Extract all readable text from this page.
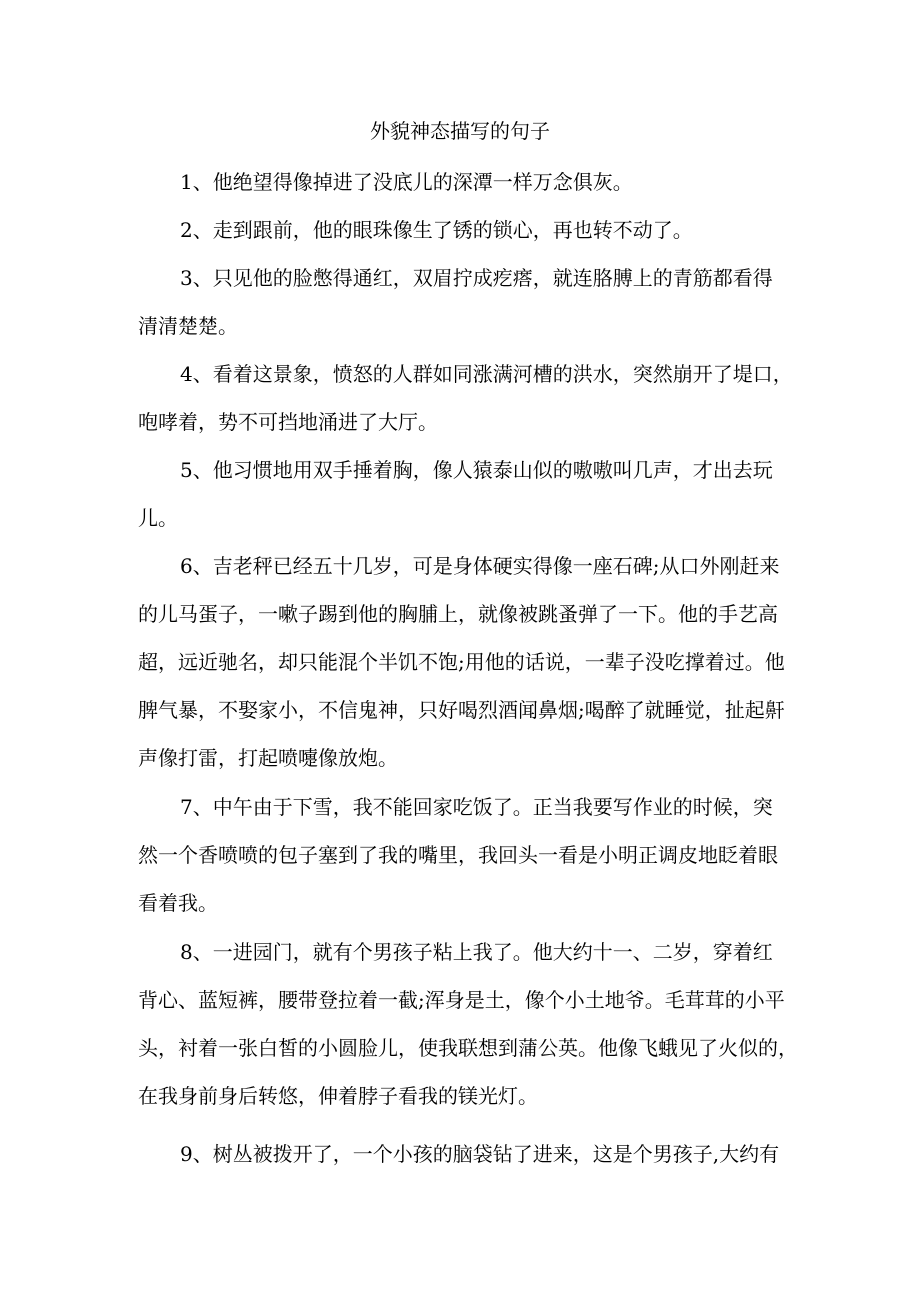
外貌神态描写的句子

1、他绝望得像掉进了没底儿的深潭一样万念俱灰。

2、走到跟前，他的眼珠像生了锈的锁心，再也转不动了。

3、只见他的脸憋得通红，双眉拧成疙瘩，就连胳膊上的青筋都看得
清清楚楚。

4、看着这景象，愤怒的人群如同涨满河槽的洪水，突然崩开了堤口，
咆哮着，势不可挡地涌进了大厅。

5、他习惯地用双手捶着胸，像人猿泰山似的嗷嗷叫几声，才出去玩
儿。

6、吉老秤已经五十几岁，可是身体硬实得像一座石碑;从口外刚赶来
的儿马蛋子，一嗽子踢到他的胸脯上，就像被跳蚤弹了一下。他的手艺高
超，远近驰名，却只能混个半饥不饱;用他的话说，一辈子没吃撑着过。他
脾气暴，不娶家小，不信鬼神，只好喝烈酒闻鼻烟;喝醉了就睡觉，扯起鼾
声像打雷，打起喷嚏像放炮。

7、中午由于下雪，我不能回家吃饭了。正当我要写作业的时候，突
然一个香喷喷的包子塞到了我的嘴里，我回头一看是小明正调皮地眨着眼
看着我。

8、一进园门，就有个男孩子粘上我了。他大约十一、二岁，穿着红
背心、蓝短裤，腰带登拉着一截;浑身是土，像个小土地爷。毛茸茸的小平
头，衬着一张白皙的小圆脸儿，使我联想到蒲公英。他像飞蛾见了火似的，
在我身前身后转悠，伸着脖子看我的镁光灯。

9、树丛被拨开了，一个小孩的脑袋钻了进来，这是个男孩子,大约有
